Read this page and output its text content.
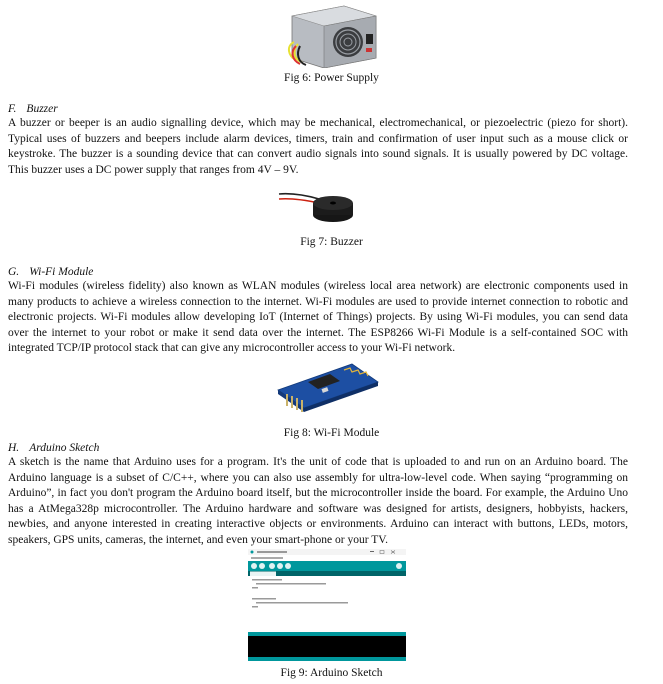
Fig 6: Power Supply
F. Buzzer

A buzzer or beeper is an audio signalling device, which may be mechanical, electromechanical, or piezoelectric (piezo for short). Typical uses of buzzers and beepers include alarm devices, timers, train and confirmation of user input such as a mouse click or keystroke. The buzzer is a sounding device that can convert audio signals into sound signals. It is usually powered by DC voltage. This buzzer uses a DC power supply that ranges from 4V – 9V.

Fig 7: Buzzer
G. Wi-Fi Module

Wi-Fi modules (wireless fidelity) also known as WLAN modules (wireless local area network) are electronic components used in many products to achieve a wireless connection to the internet. Wi-Fi modules are used to provide internet connection to robotic and electronic projects. Wi-Fi modules allow developing IoT (Internet of Things) projects. By using Wi-Fi modules, you can send data over the internet to your robot or make it send data over the internet. The ESP8266 Wi-Fi Module is a self-contained SOC with integrated TCP/IP protocol stack that can give any microcontroller access to your Wi-Fi network.

Fig 8: Wi-Fi Module
H. Arduino Sketch

A sketch is the name that Arduino uses for a program. It's the unit of code that is uploaded to and run on an Arduino board. The Arduino language is a subset of C/C++, where you can also use assembly for ultra-low-level code. When saying “programming on Arduino”, in fact you don't program the Arduino board itself, but the microcontroller inside the board. For example, the Arduino Uno has a AtMega328p microcontroller. The Arduino hardware and software was designed for artists, designers, hobbyists, hackers, newbies, and anyone interested in creating interactive objects or environments. Arduino can interact with buttons, LEDs, motors, speakers, GPS units, cameras, the internet, and even your smart-phone or your TV.

Fig 9: Arduino Sketch
